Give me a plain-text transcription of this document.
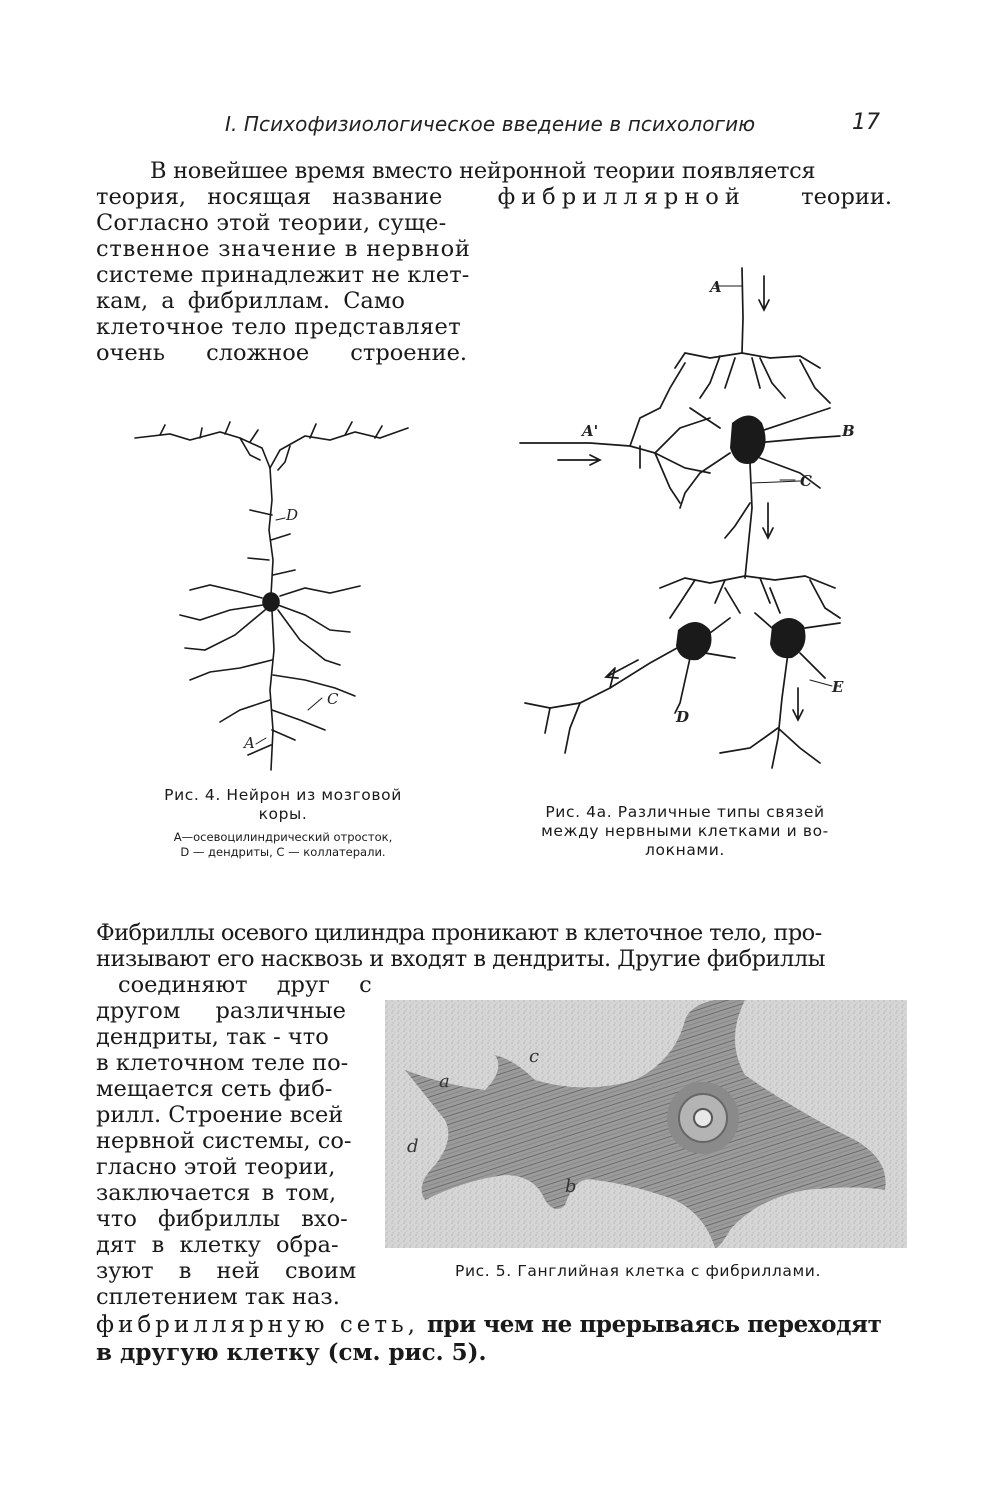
I. Психофизиологическое введение в психологию	17
В новейшее время вместо нейронной теории появляется
теория, носящая название фибриллярной теории.
Согласно этой теории, суще-
ственное значение в нервной
системе принадлежит не клет-
кам, а фибриллам. Само
клеточное тело представляет
очень сложное строение.
D
C
A
Рис. 4. Нейрон из мозговой
коры.
А—осевоцилиндрический отросток,
D — дендриты, С — коллатерали.
A
A'	B
C
D
E
Рис. 4а. Различные типы связей
между нервными клетками и во-
локнами.
Фибриллы осевого цилиндра проникают в клеточное тело, про-
низывают его насквозь и входят в дендриты. Другие фибриллы
соединяют друг с
другом различные
дендриты, так - что
в клеточном теле по-
мещается сеть фиб-
рилл. Строение всей
нервной системы, со-
гласно этой теории,
заключается в том,
что фибриллы вхо-
дят в клетку обра-
зуют в ней своим
сплетением так наз.
a
c
d
b
Рис. 5. Ганглийная клетка с фибриллами.
фибриллярную сеть, при чем не прерываясь переходят
в другую клетку (см. рис. 5).
